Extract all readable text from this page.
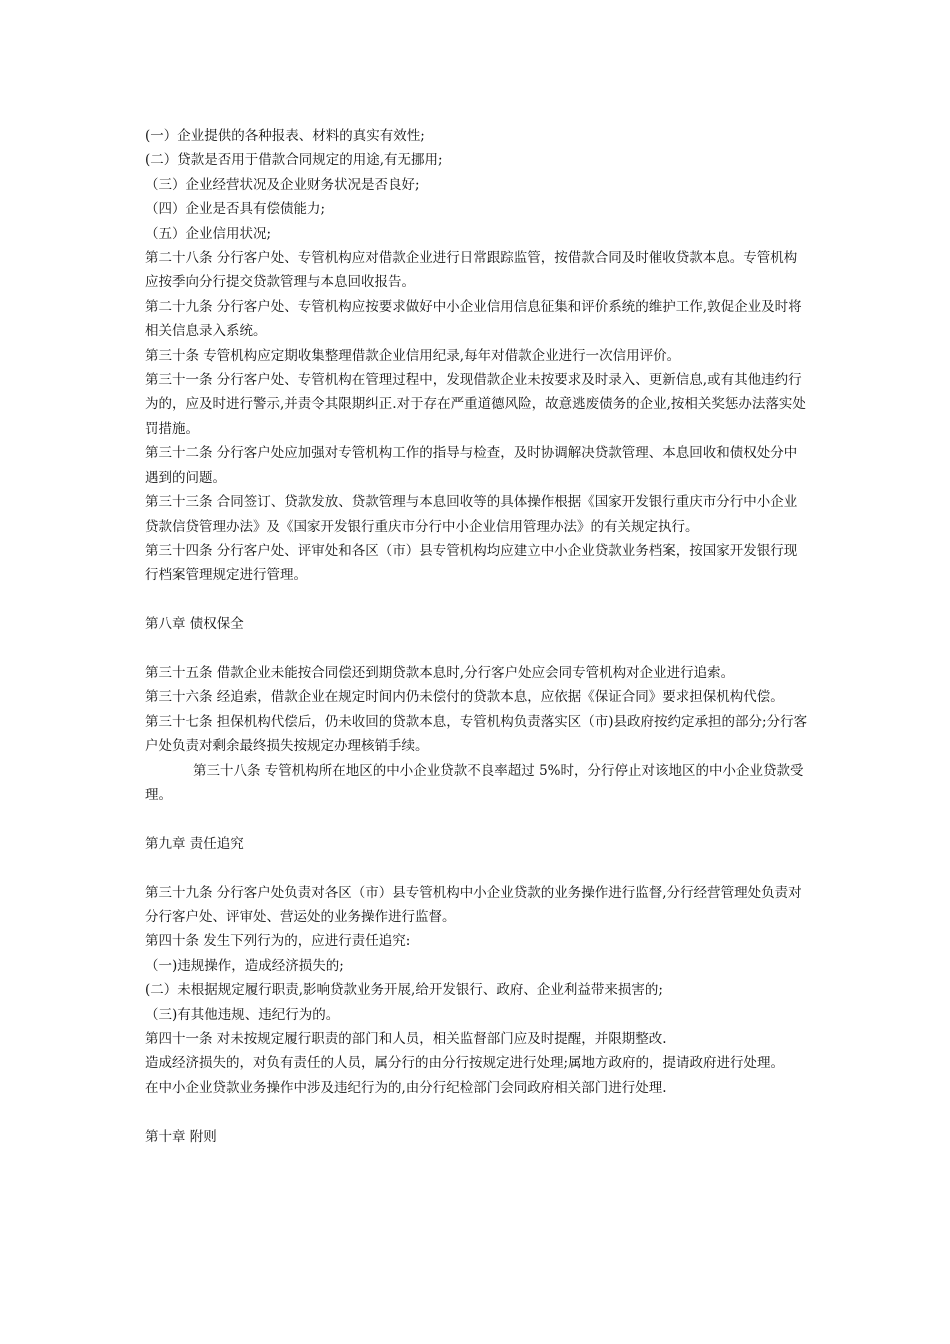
(一）企业提供的各种报表、材料的真实有效性;

(二）贷款是否用于借款合同规定的用途,有无挪用;

（三）企业经营状况及企业财务状况是否良好;

（四）企业是否具有偿债能力;

（五）企业信用状况;

第二十八条 分行客户处、专管机构应对借款企业进行日常跟踪监管，按借款合同及时催收贷款本息。专管机构应按季向分行提交贷款管理与本息回收报告。

第二十九条 分行客户处、专管机构应按要求做好中小企业信用信息征集和评价系统的维护工作,敦促企业及时将相关信息录入系统。

第三十条 专管机构应定期收集整理借款企业信用纪录,每年对借款企业进行一次信用评价。

第三十一条 分行客户处、专管机构在管理过程中，发现借款企业未按要求及时录入、更新信息,或有其他违约行为的，应及时进行警示,并责令其限期纠正.对于存在严重道德风险，故意逃废债务的企业,按相关奖惩办法落实处罚措施。

第三十二条 分行客户处应加强对专管机构工作的指导与检查，及时协调解决贷款管理、本息回收和债权处分中遇到的问题。

第三十三条 合同签订、贷款发放、贷款管理与本息回收等的具体操作根据《国家开发银行重庆市分行中小企业贷款信贷管理办法》及《国家开发银行重庆市分行中小企业信用管理办法》的有关规定执行。

第三十四条 分行客户处、评审处和各区（市）县专管机构均应建立中小企业贷款业务档案，按国家开发银行现行档案管理规定进行管理。

第八章 债权保全

第三十五条 借款企业未能按合同偿还到期贷款本息时,分行客户处应会同专管机构对企业进行追索。

第三十六条 经追索，借款企业在规定时间内仍未偿付的贷款本息，应依据《保证合同》要求担保机构代偿。

第三十七条 担保机构代偿后，仍未收回的贷款本息，专管机构负责落实区（市)县政府按约定承担的部分;分行客户处负责对剩余最终损失按规定办理核销手续。

第三十八条 专管机构所在地区的中小企业贷款不良率超过 5%时，分行停止对该地区的中小企业贷款受理。

第九章 责任追究

第三十九条 分行客户处负责对各区（市）县专管机构中小企业贷款的业务操作进行监督,分行经营管理处负责对分行客户处、评审处、营运处的业务操作进行监督。

第四十条 发生下列行为的，应进行责任追究:

（一)违规操作，造成经济损失的;

(二）未根据规定履行职责,影响贷款业务开展,给开发银行、政府、企业利益带来损害的;

（三)有其他违规、违纪行为的。

第四十一条 对未按规定履行职责的部门和人员，相关监督部门应及时提醒，并限期整改.

造成经济损失的，对负有责任的人员，属分行的由分行按规定进行处理;属地方政府的，提请政府进行处理。

在中小企业贷款业务操作中涉及违纪行为的,由分行纪检部门会同政府相关部门进行处理.

第十章 附则
